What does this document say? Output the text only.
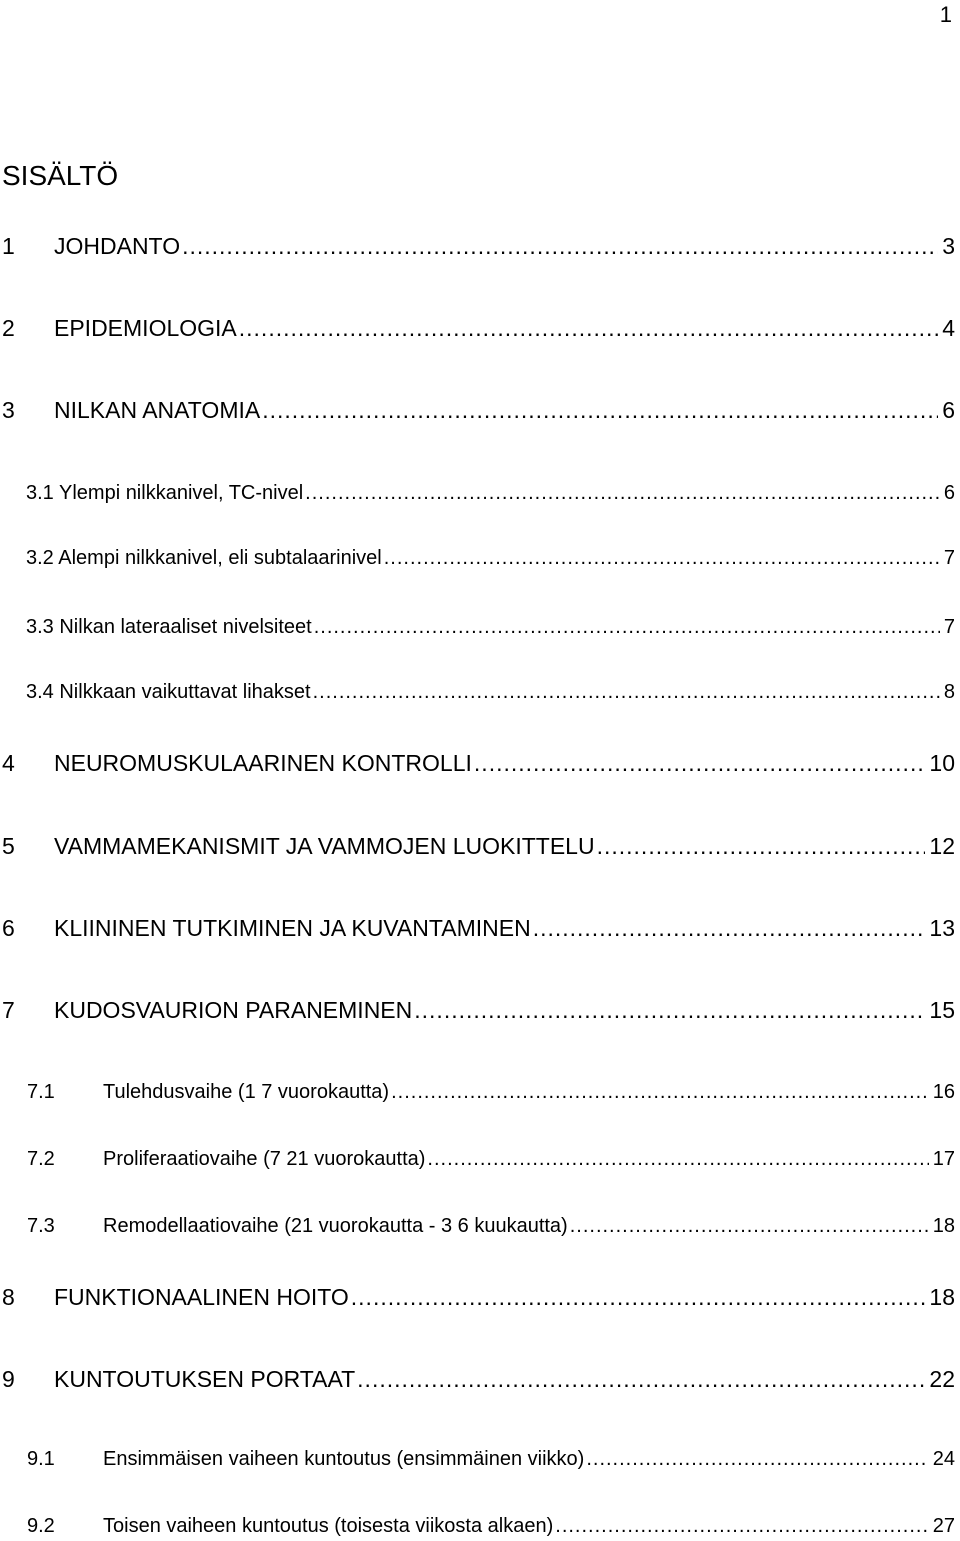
1
SISÄLTÖ
1	JOHDANTO .....	3
2	EPIDEMIOLOGIA .....	4
3	NILKAN ANATOMIA .....	6
3.1 Ylempi nilkkanivel, TC-nivel .....	6
3.2 Alempi nilkkanivel, eli subtalaarinivel .....	7
3.3 Nilkan lateraaliset nivelsiteet .....	7
3.4 Nilkkaan vaikuttavat lihakset .....	8
4	NEUROMUSKULAARINEN KONTROLLI .....	10
5	VAMMAMEKANISMIT JA VAMMOJEN LUOKITTELU .....	12
6	KLIININEN TUTKIMINEN JA KUVANTAMINEN .....	13
7	KUDOSVAURION PARANEMINEN .....	15
7.1	Tulehdusvaihe (1 7 vuorokautta) .....	16
7.2	Proliferaatiovaihe (7 21 vuorokautta) .....	17
7.3	Remodellaatiovaihe (21 vuorokautta - 3 6 kuukautta) .....	18
8	FUNKTIONAALINEN HOITO .....	18
9	KUNTOUTUKSEN PORTAAT .....	22
9.1	Ensimmäisen vaiheen kuntoutus (ensimmäinen viikko) .....	24
9.2	Toisen vaiheen kuntoutus (toisesta viikosta alkaen) .....	27
